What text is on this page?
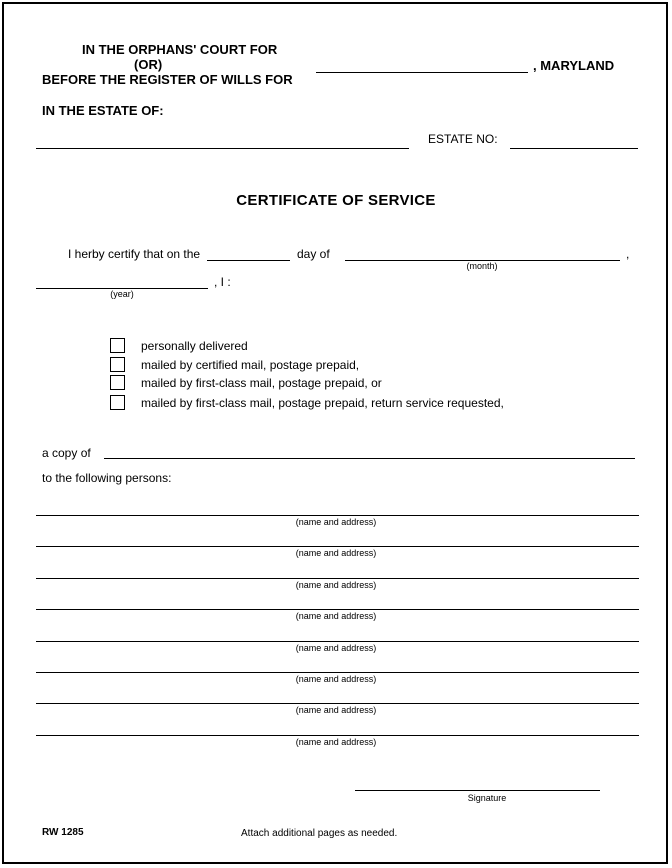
IN THE ORPHANS' COURT FOR
(OR)
BEFORE THE REGISTER OF WILLS FOR
, MARYLAND
IN THE ESTATE OF:
ESTATE NO:
CERTIFICATE OF SERVICE
I herby certify that on the	day of	,
(month)
, I :
(year)
personally delivered
mailed by certified mail, postage prepaid,
mailed by first-class mail, postage prepaid, or
mailed by first-class mail, postage prepaid, return service requested,
a copy of
to the following persons:
(name and address)
(name and address)
(name and address)
(name and address)
(name and address)
(name and address)
(name and address)
(name and address)
Signature
RW 1285	Attach additional pages as needed.
